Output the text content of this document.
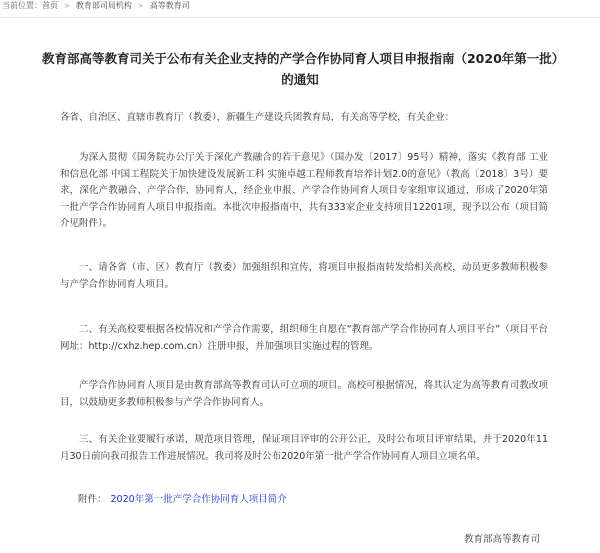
当前位置：首页 > 教育部司局机构 > 高等教育司
教育部高等教育司关于公布有关企业支持的产学合作协同育人项目申报指南（2020年第一批）的通知
各省、自治区、直辖市教育厅（教委），新疆生产建设兵团教育局，有关高等学校，有关企业：
为深入贯彻《国务院办公厅关于深化产教融合的若干意见》（国办发〔2017〕95号）精神，落实《教育部 工业和信息化部 中国工程院关于加快建设发展新工科 实施卓越工程师教育培养计划2.0的意见》（教高〔2018〕3号）要求，深化产教融合、产学合作、协同育人，经企业申报、产学合作协同育人项目专家组审议通过，形成了2020年第一批产学合作协同育人项目申报指南。本批次申报指南中，共有333家企业支持项目12201项，现予以公布（项目简介见附件）。
一、请各省（市、区）教育厅（教委）加强组织和宣传，将项目申报指南转发给相关高校，动员更多教师积极参与产学合作协同育人项目。
二、有关高校要根据各校情况和产学合作需要，组织师生自愿在“教育部产学合作协同育人项目平台”（项目平台网址：http://cxhz.hep.com.cn）注册申报，并加强项目实施过程的管理。
产学合作协同育人项目是由教育部高等教育司认可立项的项目。高校可根据情况，将其认定为高等教育司教改项目，以鼓励更多教师积极参与产学合作协同育人。
三、有关企业要履行承诺，规范项目管理，保证项目评审的公开公正，及时公布项目评审结果，并于2020年11月30日前向我司报告工作进展情况。我司将及时公布2020年第一批产学合作协同育人项目立项名单。
附件： 2020年第一批产学合作协同育人项目简介
教育部高等教育司
